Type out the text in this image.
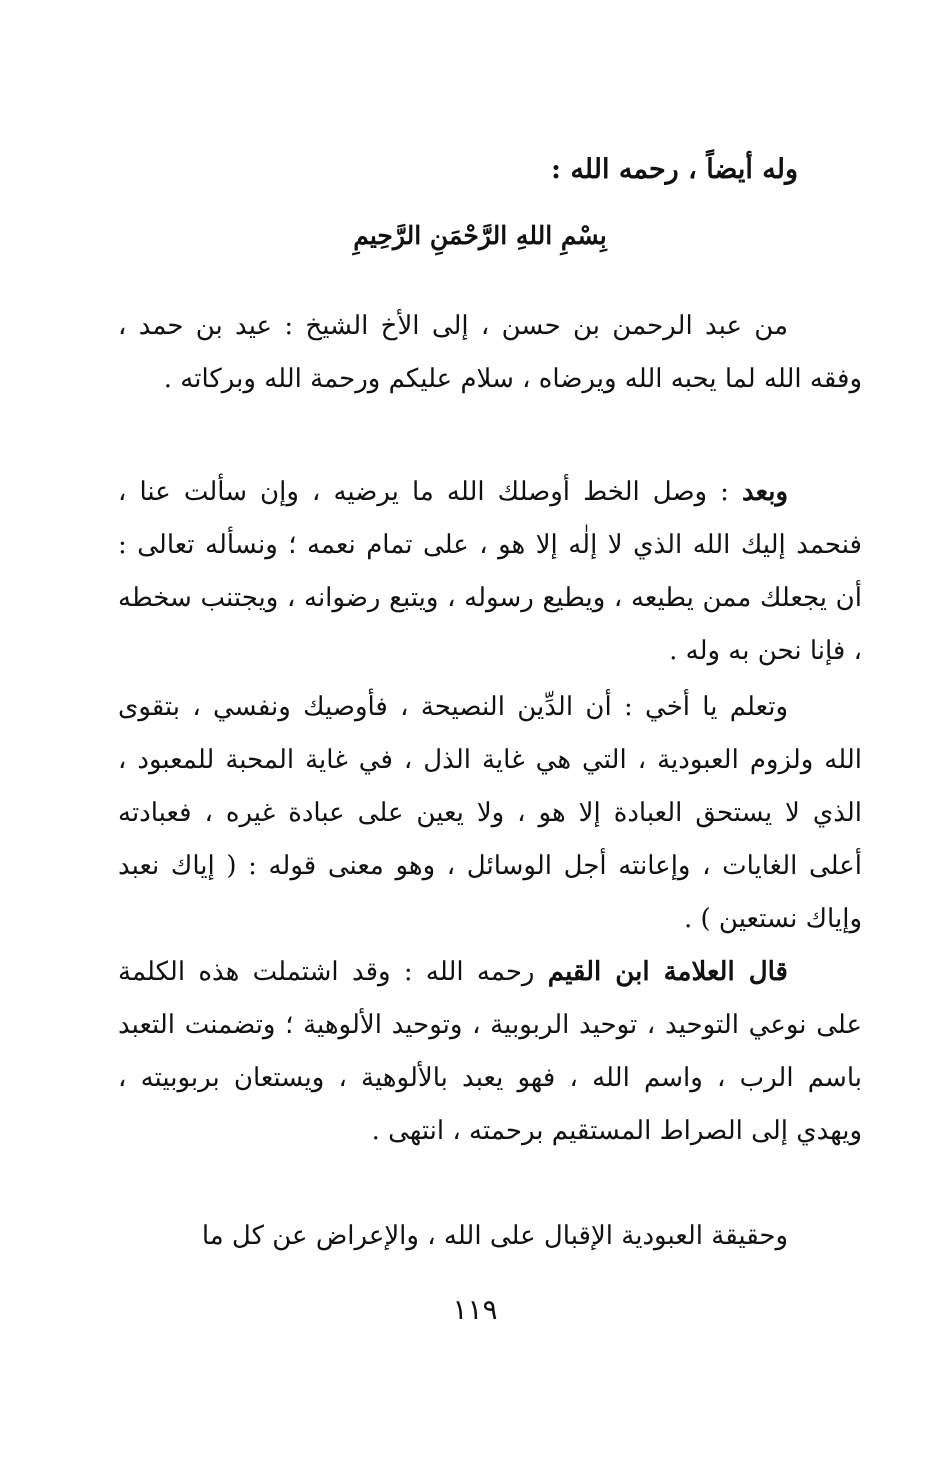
وله أيضاً ، رحمه الله :
بِسْمِ اللهِ الرَّحْمَنِ الرَّحِيمِ

من عبد الرحمن بن حسن ، إلى الأخ الشيخ : عيد بن حمد ، وفقه الله لما يحبه الله ويرضاه ، سلام عليكم ورحمة الله وبركاته .

وبعد : وصل الخط أوصلك الله ما يرضيه ، وإن سألت عنا ، فنحمد إليك الله الذي لا إلٰه إلا هو ، على تمام نعمه ؛ ونسأله تعالى : أن يجعلك ممن يطيعه ، ويطيع رسوله ، ويتبع رضوانه ، ويجتنب سخطه ، فإنا نحن به وله .

وتعلم يا أخي : أن الدِّين النصيحة ، فأوصيك ونفسي ، بتقوى الله ولزوم العبودية ، التي هي غاية الذل ، في غاية المحبة للمعبود ، الذي لا يستحق العبادة إلا هو ، ولا يعين على عبادة غيره ، فعبادته أعلى الغايات ، وإعانته أجل الوسائل ، وهو معنى قوله : ( إياك نعبد وإياك نستعين ) .

قال العلامة ابن القيم رحمه الله : وقد اشتملت هذه الكلمة على نوعي التوحيد ، توحيد الربوبية ، وتوحيد الألوهية ؛ وتضمنت التعبد باسم الرب ، واسم الله ، فهو يعبد بالألوهية ، ويستعان بربوبيته ، ويهدي إلى الصراط المستقيم برحمته ، انتهى .

وحقيقة العبودية الإقبال على الله ، والإعراض عن كل ما

١١٩
